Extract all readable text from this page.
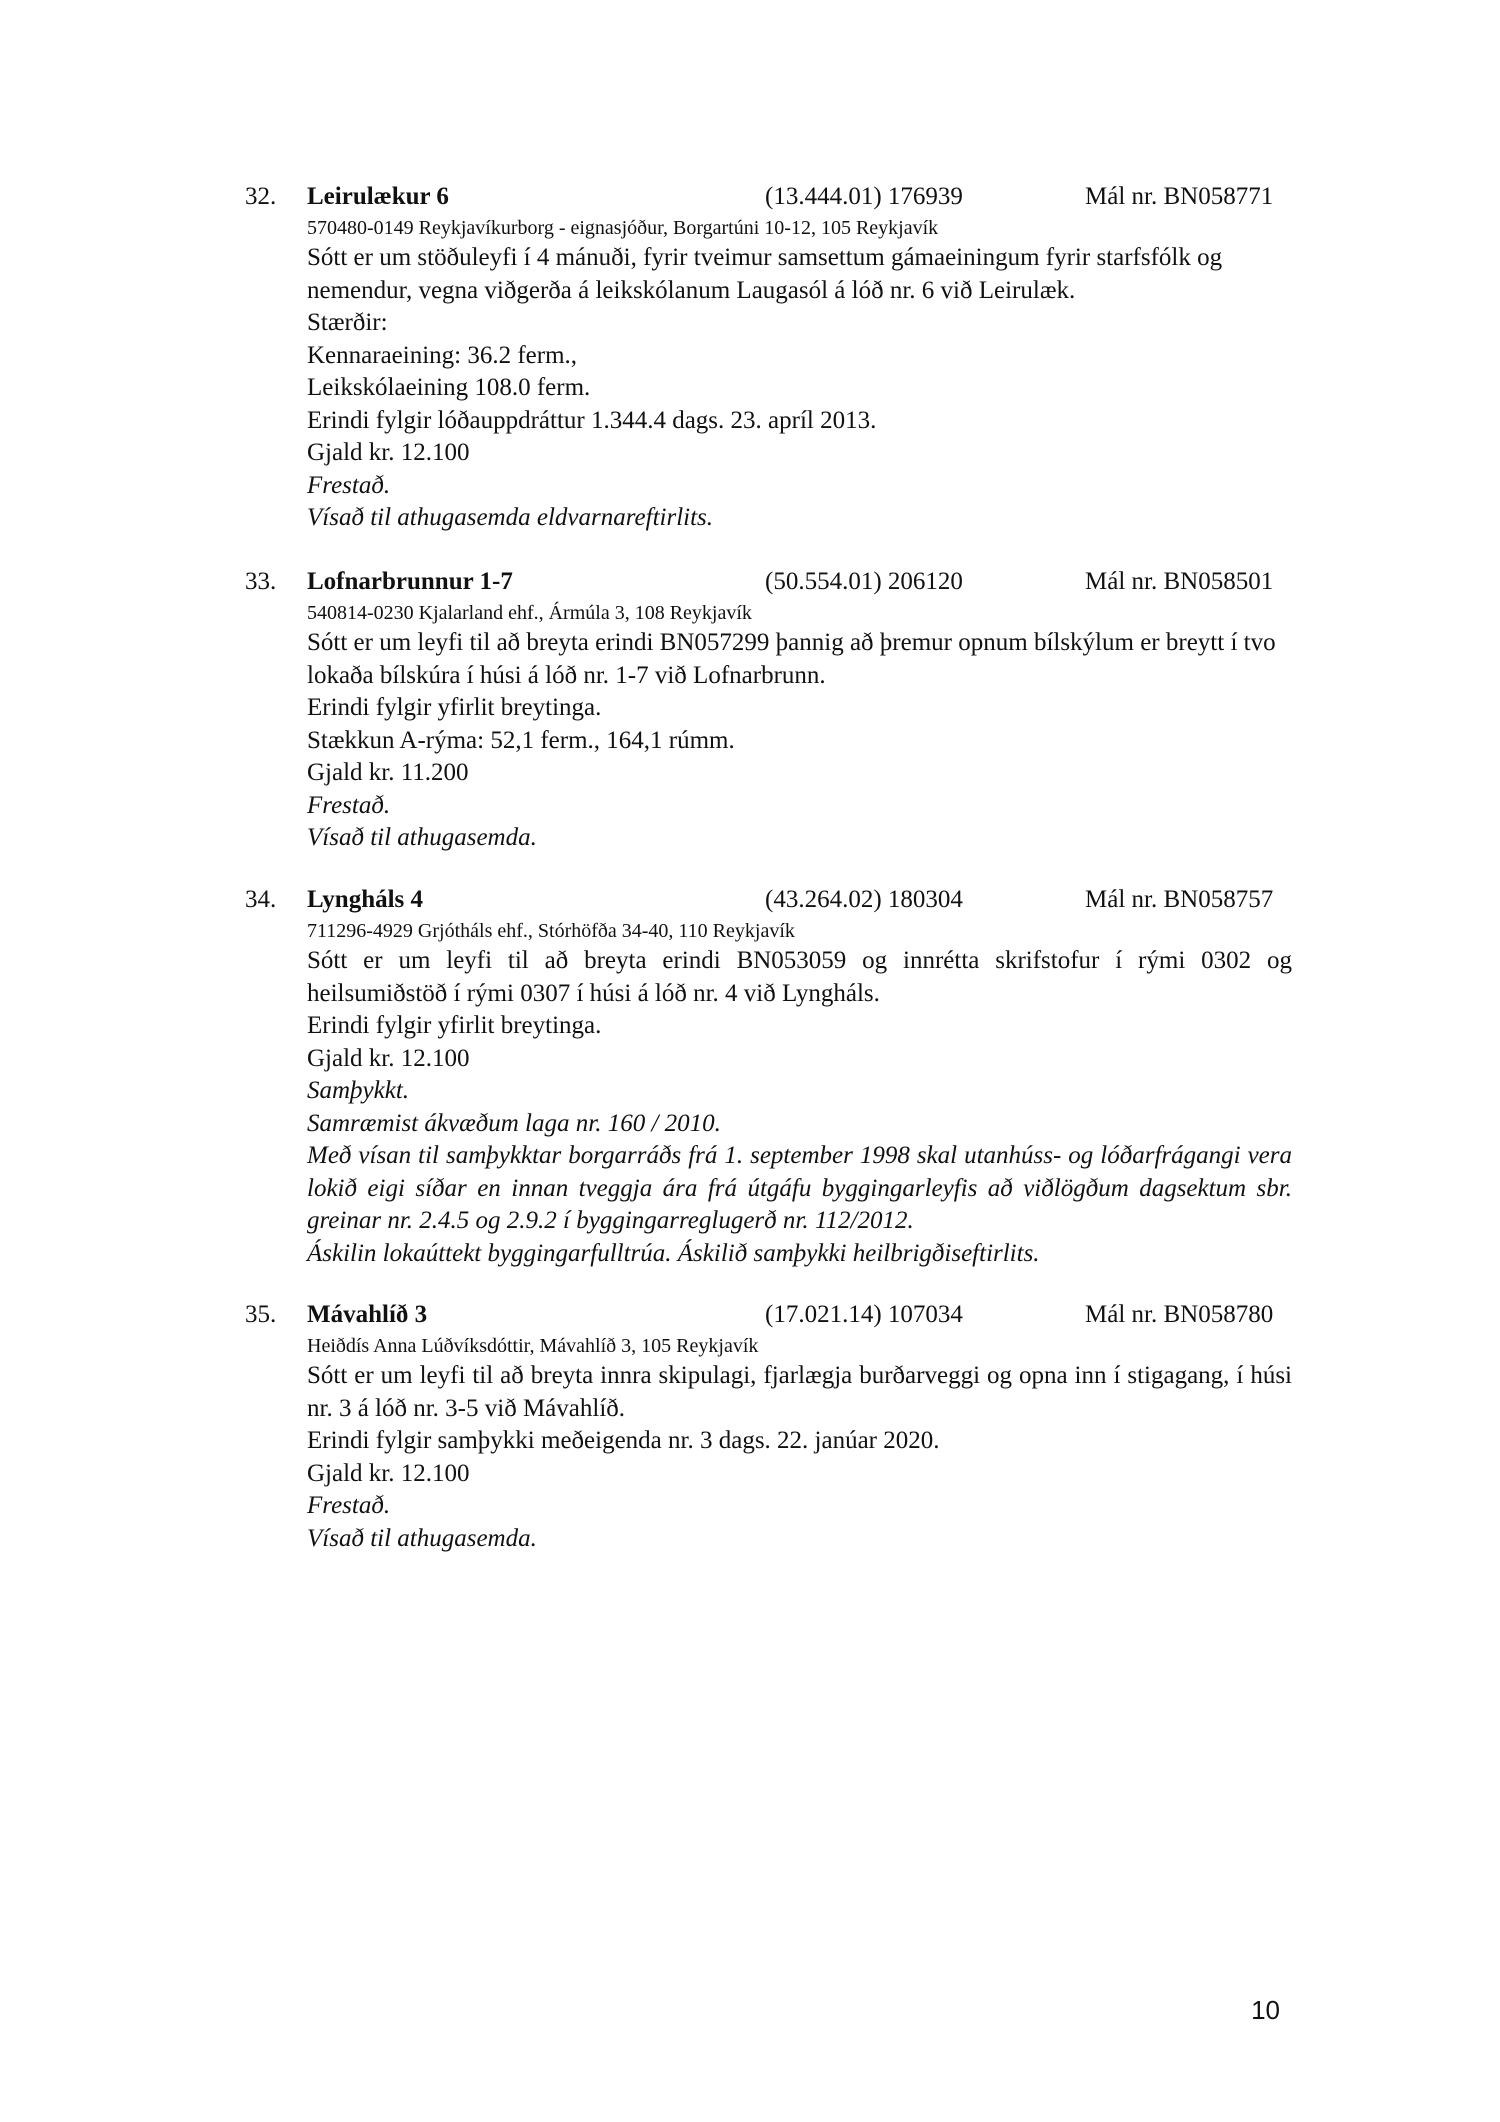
32. Leirulækur 6	(13.444.01) 176939	Mál nr. BN058771
570480-0149 Reykjavíkurborg - eignasjóður, Borgartúni 10-12, 105 Reykjavík
Sótt er um stöðuleyfi í 4 mánuði, fyrir tveimur samsettum gámaeiningum fyrir starfsfólk og nemendur, vegna viðgerða á leikskólanum Laugasól á lóð nr. 6 við Leirulæk.
Stærðir:
Kennaraeining: 36.2 ferm.,
Leikskólaeining 108.0 ferm.
Erindi fylgir lóðauppdráttur 1.344.4 dags. 23. apríl 2013.
Gjald kr. 12.100
Frestað.
Vísað til athugasemda eldvarnareftirlits.
33. Lofnarbrunnur 1-7	(50.554.01) 206120	Mál nr. BN058501
540814-0230 Kjalarland ehf., Ármúla 3, 108 Reykjavík
Sótt er um leyfi til að breyta erindi BN057299 þannig að þremur opnum bílskýlum er breytt í tvo lokaða bílskúra í húsi á lóð nr. 1-7 við Lofnarbrunn.
Erindi fylgir yfirlit breytinga.
Stækkun A-rýma: 52,1 ferm., 164,1 rúmm.
Gjald kr. 11.200
Frestað.
Vísað til athugasemda.
34. Lyngháls 4	(43.264.02) 180304	Mál nr. BN058757
711296-4929 Grjótháls ehf., Stórhöfða 34-40, 110 Reykjavík
Sótt er um leyfi til að breyta erindi BN053059 og innrétta skrifstofur í rými 0302 og heilsumiðstöð í rými 0307 í húsi á lóð nr. 4 við Lyngháls.
Erindi fylgir yfirlit breytinga.
Gjald kr. 12.100
Samþykkt.
Samræmist ákvæðum laga nr. 160 / 2010.
Með vísan til samþykktar borgarráðs frá 1. september 1998 skal utanhúss- og lóðarfrágangi vera lokið eigi síðar en innan tveggja ára frá útgáfu byggingarleyfis að viðlögðum dagsektum sbr. greinar nr. 2.4.5 og 2.9.2 í byggingarreglugerð nr. 112/2012.
Áskilin lokaúttekt byggingarfulltrúa. Áskilið samþykki heilbrigðiseftirlits.
35. Mávahlíð 3	(17.021.14) 107034	Mál nr. BN058780
Heiðdís Anna Lúðvíksdóttir, Mávahlíð 3, 105 Reykjavík
Sótt er um leyfi til að breyta innra skipulagi, fjarlægja burðarveggi og opna inn í stigagang, í húsi nr. 3 á lóð nr. 3-5 við Mávahlíð.
Erindi fylgir samþykki meðeigenda nr. 3 dags. 22. janúar 2020.
Gjald kr. 12.100
Frestað.
Vísað til athugasemda.
10
